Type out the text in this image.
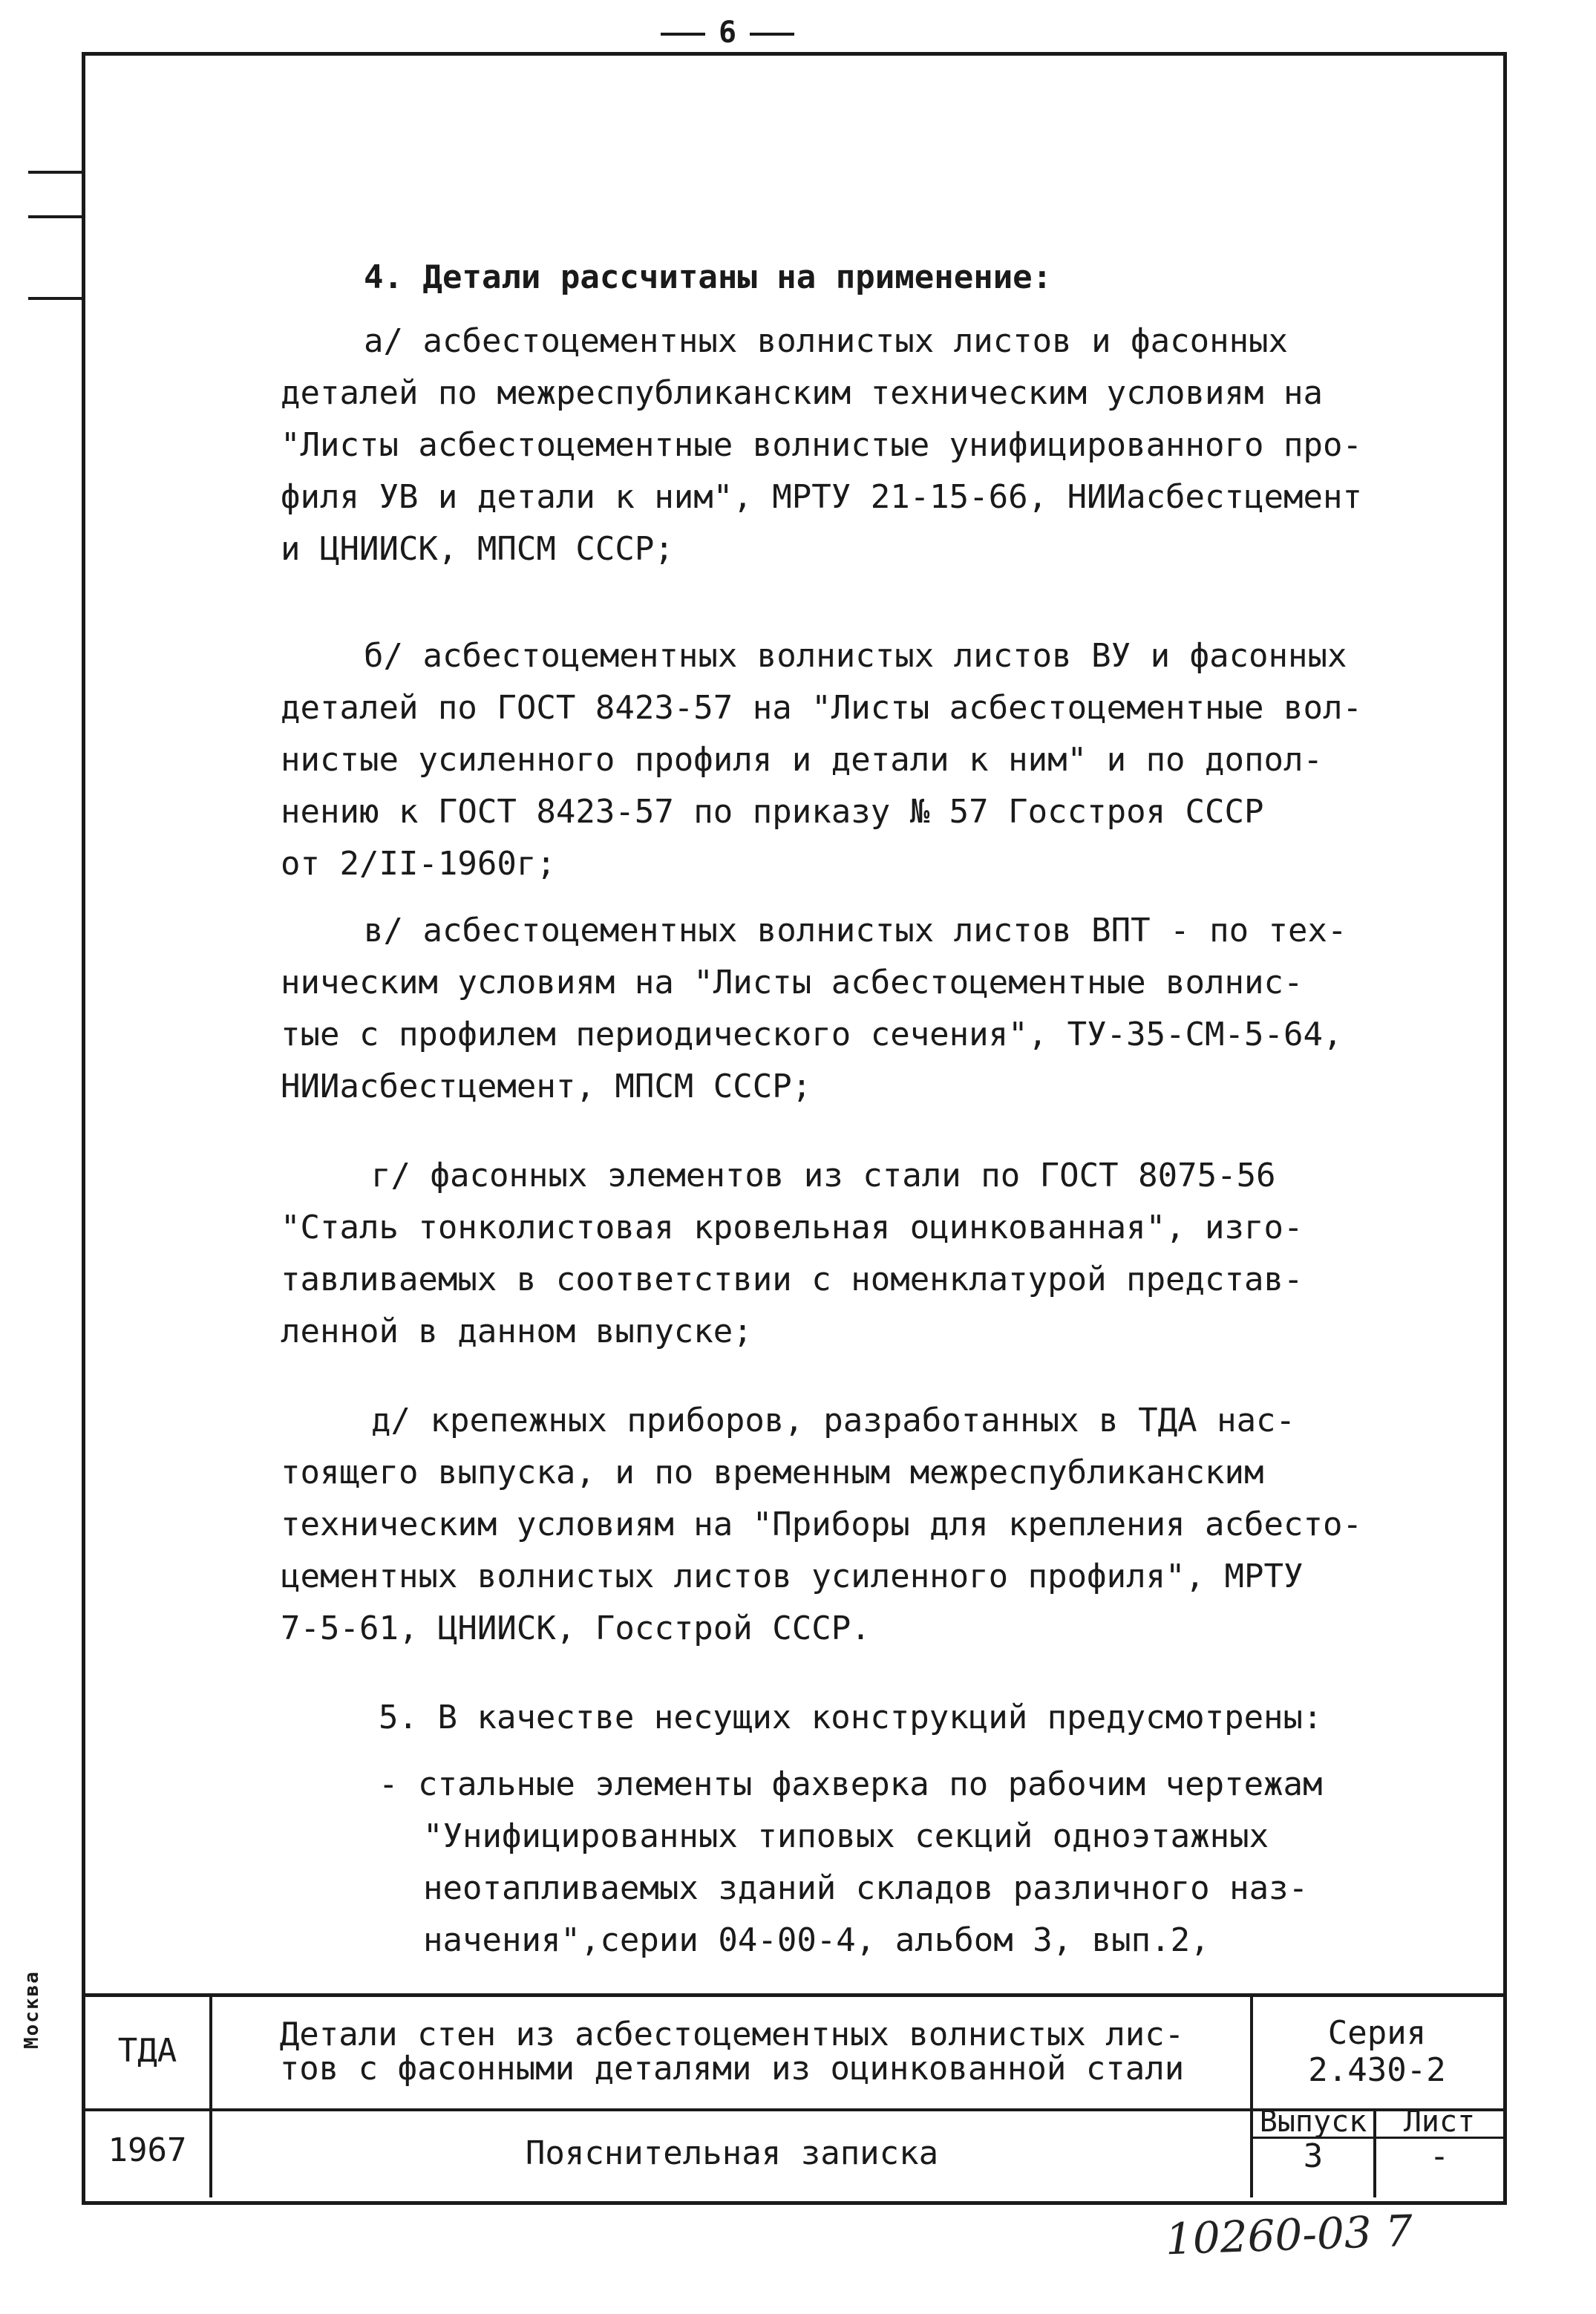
6
Москва
4. Детали рассчитаны на применение:
а/ асбестоцементных волнистых листов и фасонных
деталей по межреспубликанским техническим условиям на
"Листы асбестоцементные волнистые унифицированного про-
филя УВ и детали к ним", МРТУ 21-15-66, НИИасбестцемент
и ЦНИИСК, МПСМ СССР;
б/ асбестоцементных волнистых листов ВУ и фасонных
деталей по ГОСТ 8423-57 на "Листы асбестоцементные вол-
нистые усиленного профиля и детали к ним" и по допол-
нению к ГОСТ 8423-57 по приказу № 57 Госстроя СССР
от 2/II-1960г;
в/ асбестоцементных волнистых листов ВПТ - по тех-
ническим условиям на "Листы асбестоцементные волнис-
тые с профилем периодического сечения", ТУ-35-СМ-5-64,
НИИасбестцемент, МПСМ СССР;
г/ фасонных элементов из стали по ГОСТ 8075-56
"Сталь тонколистовая кровельная оцинкованная", изго-
тавливаемых в соответствии с номенклатурой представ-
ленной в данном выпуске;
д/ крепежных приборов, разработанных в ТДА нас-
тоящего выпуска, и по временным межреспубликанским
техническим условиям на "Приборы для крепления асбесто-
цементных волнистых листов усиленного профиля", МРТУ
7-5-61, ЦНИИСК, Госстрой СССР.
5. В качестве несущих конструкций предусмотрены:
- стальные элементы фахверка по рабочим чертежам
"Унифицированных типовых секций одноэтажных
неотапливаемых зданий складов различного наз-
начения",серии 04-00-4, альбом 3, вып.2,
ТДА
1967
Детали стен из асбестоцементных волнистых лис-
тов с фасонными деталями из оцинкованной стали
Пояснительная записка
Серия
2.430-2
Выпуск
3
Лист
-
10260-03 7
